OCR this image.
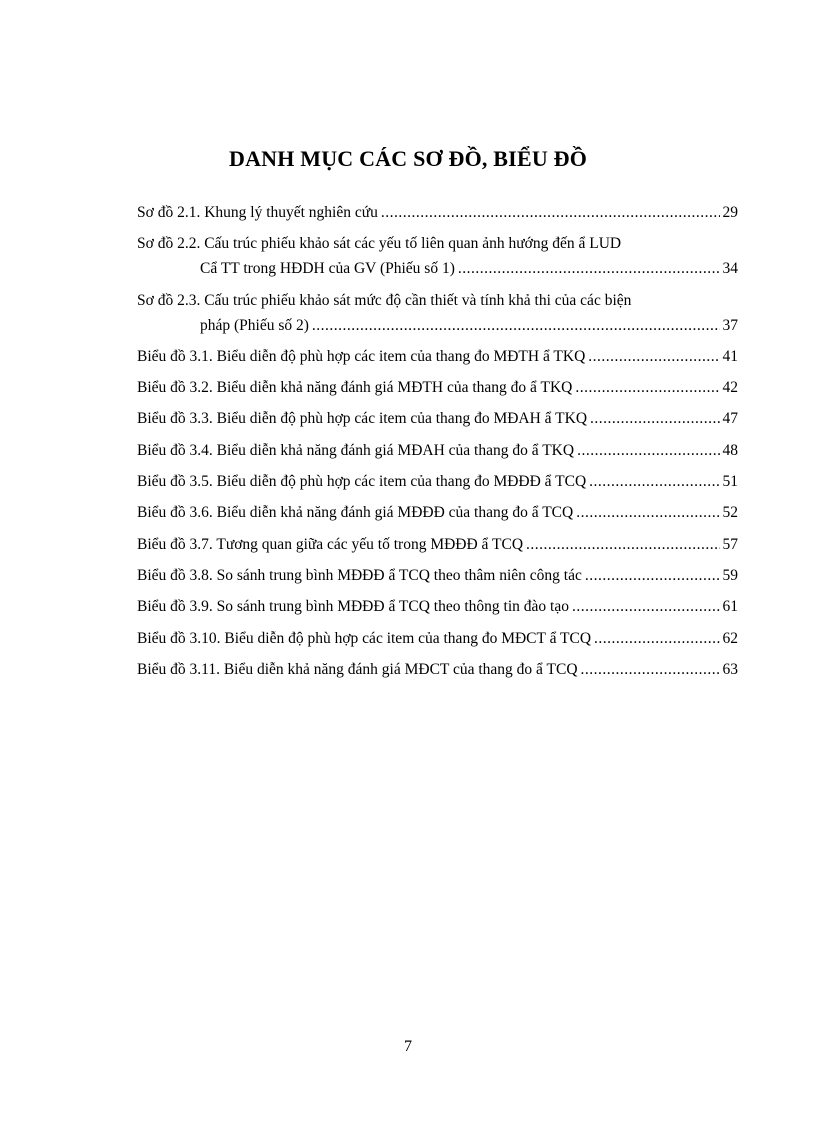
DANH MỤC CÁC SƠ ĐỒ, BIỂU ĐỒ
Sơ đồ 2.1. Khung lý thuyết nghiên cứu .....	29
Sơ đồ 2.2. Cấu trúc phiếu khảo sát các yếu tố liên quan ảnh hướng đến ẩ LUD
Cẩ TT trong HĐDH của GV (Phiếu số 1) .....	34
Sơ đồ 2.3. Cấu trúc phiếu khảo sát mức độ cần thiết và tính khả thi của các biện
pháp (Phiếu số 2) .....	37
Biểu đồ 3.1. Biểu diễn độ phù hợp các item của thang đo MĐTH ẩ TKQ .....	41
Biểu đồ 3.2. Biểu diễn khả năng đánh giá MĐTH của thang đo ẩ TKQ .....	42
Biểu đồ 3.3. Biểu diễn độ phù hợp các item của thang đo MĐAH ẩ TKQ .....	47
Biểu đồ 3.4. Biểu diễn khả năng đánh giá MĐAH của thang đo ẩ TKQ .....	48
Biểu đồ 3.5. Biểu diễn độ phù hợp các item của thang đo MĐĐĐ ẩ TCQ .....	51
Biểu đồ 3.6. Biểu diễn khả năng đánh giá MĐĐĐ của thang đo ẩ TCQ .....	52
Biểu đồ 3.7. Tương quan giữa các yếu tố trong MĐĐĐ ẩ TCQ .....	57
Biểu đồ 3.8. So sánh trung bình MĐĐĐ ẩ TCQ theo thâm niên công tác .....	59
Biểu đồ 3.9. So sánh trung bình MĐĐĐ ẩ TCQ theo thông tin đào tạo .....	61
Biểu đồ 3.10. Biểu diễn độ phù hợp các item của thang đo MĐCT ẩ TCQ .....	62
Biểu đồ 3.11. Biểu diễn khả năng đánh giá MĐCT của thang đo ẩ TCQ .....	63
7
